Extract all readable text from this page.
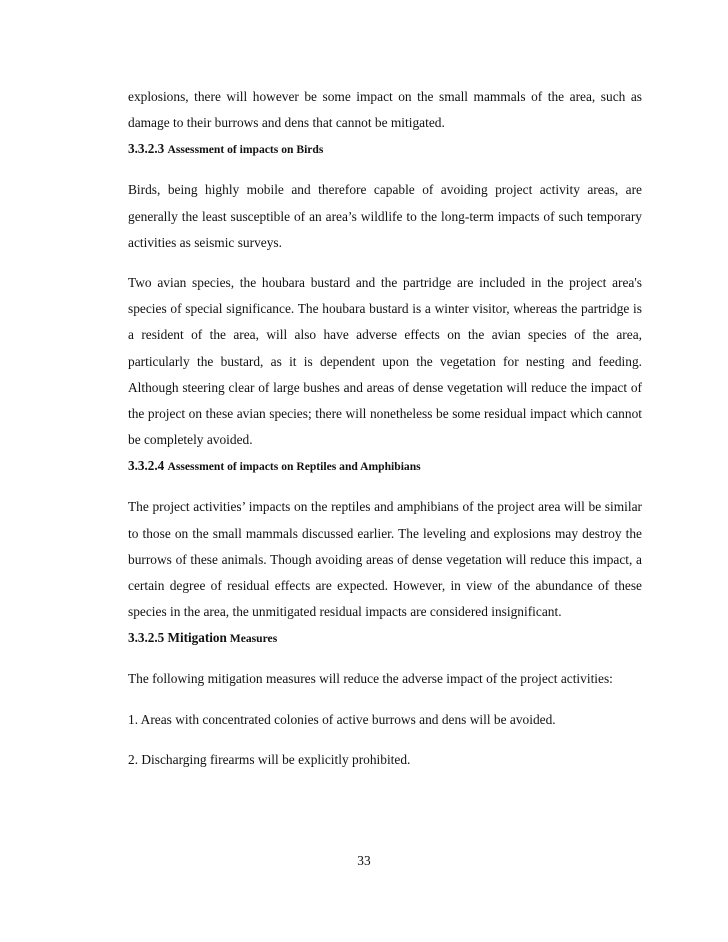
explosions, there will however be some impact on the small mammals of the area, such as damage to their burrows and dens that cannot be mitigated.

3.3.2.3 Assessment of impacts on Birds

Birds, being highly mobile and therefore capable of avoiding project activity areas, are generally the least susceptible of an area’s wildlife to the long-term impacts of such temporary activities as seismic surveys.

Two avian species, the houbara bustard and the partridge are included in the project area's species of special significance. The houbara bustard is a winter visitor, whereas the partridge is a resident of the area, will also have adverse effects on the avian species of the area, particularly the bustard, as it is dependent upon the vegetation for nesting and feeding. Although steering clear of large bushes and areas of dense vegetation will reduce the impact of the project on these avian species; there will nonetheless be some residual impact which cannot be completely avoided.

3.3.2.4 Assessment of impacts on Reptiles and Amphibians

The project activities’ impacts on the reptiles and amphibians of the project area will be similar to those on the small mammals discussed earlier. The leveling and explosions may destroy the burrows of these animals. Though avoiding areas of dense vegetation will reduce this impact, a certain degree of residual effects are expected. However, in view of the abundance of these species in the area, the unmitigated residual impacts are considered insignificant.

3.3.2.5 Mitigation Measures

The following mitigation measures will reduce the adverse impact of the project activities:

1. Areas with concentrated colonies of active burrows and dens will be avoided.

2. Discharging firearms will be explicitly prohibited.

33
